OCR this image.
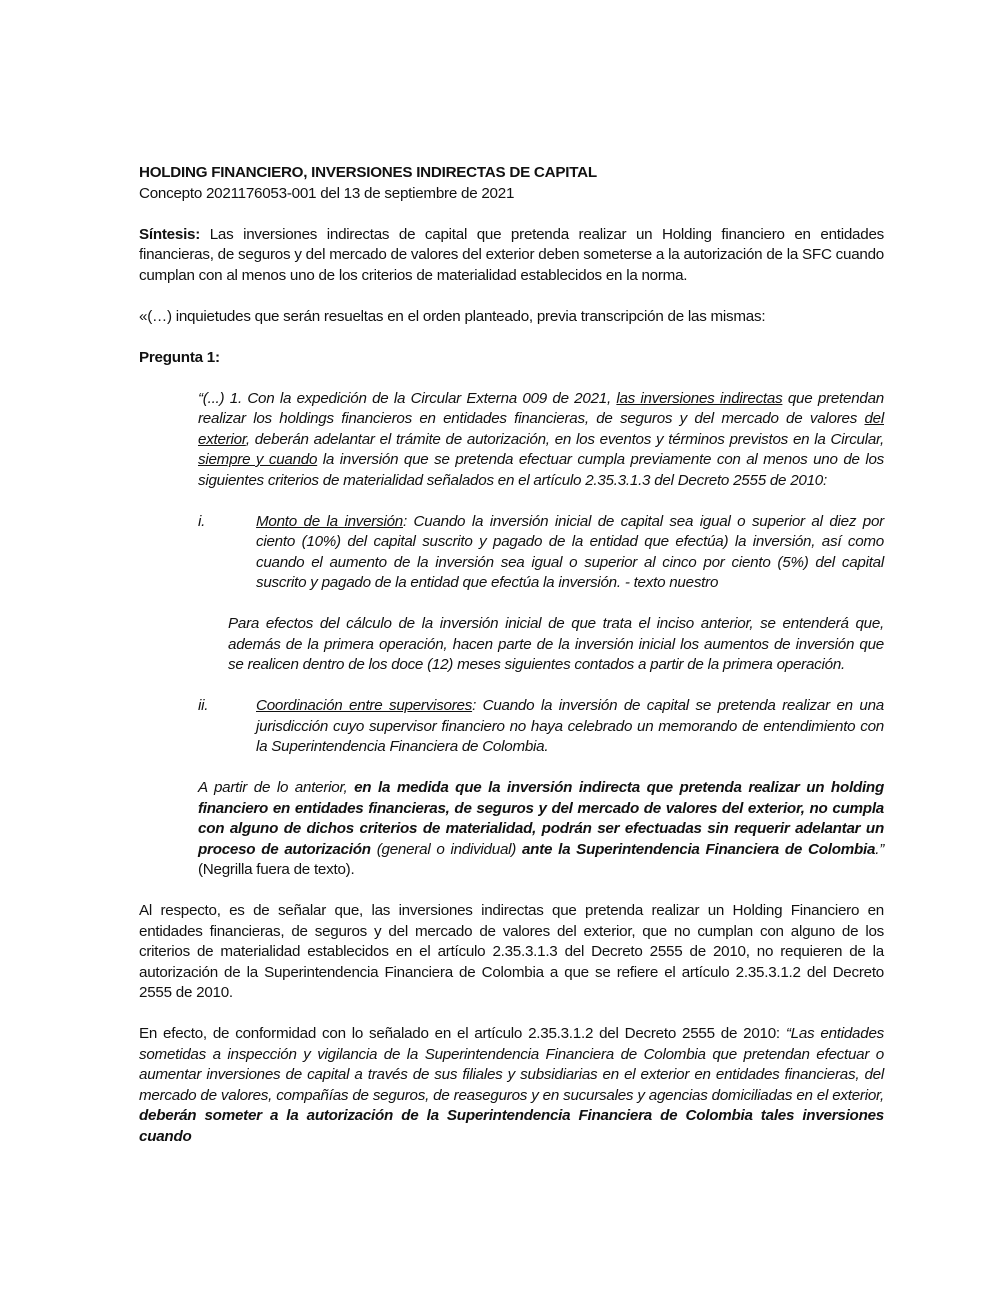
HOLDING FINANCIERO, INVERSIONES INDIRECTAS DE CAPITAL

Concepto 2021176053-001 del 13 de septiembre de 2021

Síntesis: Las inversiones indirectas de capital que pretenda realizar un Holding financiero en entidades financieras, de seguros y del mercado de valores del exterior deben someterse a la autorización de la SFC cuando cumplan con al menos uno de los criterios de materialidad establecidos en la norma.

«(…) inquietudes que serán resueltas en el orden planteado, previa transcripción de las mismas:

Pregunta 1:

“(...) 1. Con la expedición de la Circular Externa 009 de 2021, las inversiones indirectas que pretendan realizar los holdings financieros en entidades financieras, de seguros y del mercado de valores del exterior, deberán adelantar el trámite de autorización, en los eventos y términos previstos en la Circular, siempre y cuando la inversión que se pretenda efectuar cumpla previamente con al menos uno de los siguientes criterios de materialidad señalados en el artículo 2.35.3.1.3 del Decreto 2555 de 2010:

i.	Monto de la inversión: Cuando la inversión inicial de capital sea igual o superior al diez por ciento (10%) del capital suscrito y pagado de la entidad que efectúa) la inversión, así como cuando el aumento de la inversión sea igual o superior al cinco por ciento (5%) del capital suscrito y pagado de la entidad que efectúa la inversión. - texto nuestro

Para efectos del cálculo de la inversión inicial de que trata el inciso anterior, se entenderá que, además de la primera operación, hacen parte de la inversión inicial los aumentos de inversión que se realicen dentro de los doce (12) meses siguientes contados a partir de la primera operación.

ii.	Coordinación entre supervisores: Cuando la inversión de capital se pretenda realizar en una jurisdicción cuyo supervisor financiero no haya celebrado un memorando de entendimiento con la Superintendencia Financiera de Colombia.

A partir de lo anterior, en la medida que la inversión indirecta que pretenda realizar un holding financiero en entidades financieras, de seguros y del mercado de valores del exterior, no cumpla con alguno de dichos criterios de materialidad, podrán ser efectuadas sin requerir adelantar un proceso de autorización (general o individual) ante la Superintendencia Financiera de Colombia.” (Negrilla fuera de texto).

Al respecto, es de señalar que, las inversiones indirectas que pretenda realizar un Holding Financiero en entidades financieras, de seguros y del mercado de valores del exterior, que no cumplan con alguno de los criterios de materialidad establecidos en el artículo 2.35.3.1.3 del Decreto 2555 de 2010, no requieren de la autorización de la Superintendencia Financiera de Colombia a que se refiere el artículo 2.35.3.1.2 del Decreto 2555 de 2010.

En efecto, de conformidad con lo señalado en el artículo 2.35.3.1.2 del Decreto 2555 de 2010: “Las entidades sometidas a inspección y vigilancia de la Superintendencia Financiera de Colombia que pretendan efectuar o aumentar inversiones de capital a través de sus filiales y subsidiarias en el exterior en entidades financieras, del mercado de valores, compañías de seguros, de reaseguros y en sucursales y agencias domiciliadas en el exterior, deberán someter a la autorización de la Superintendencia Financiera de Colombia tales inversiones cuando
